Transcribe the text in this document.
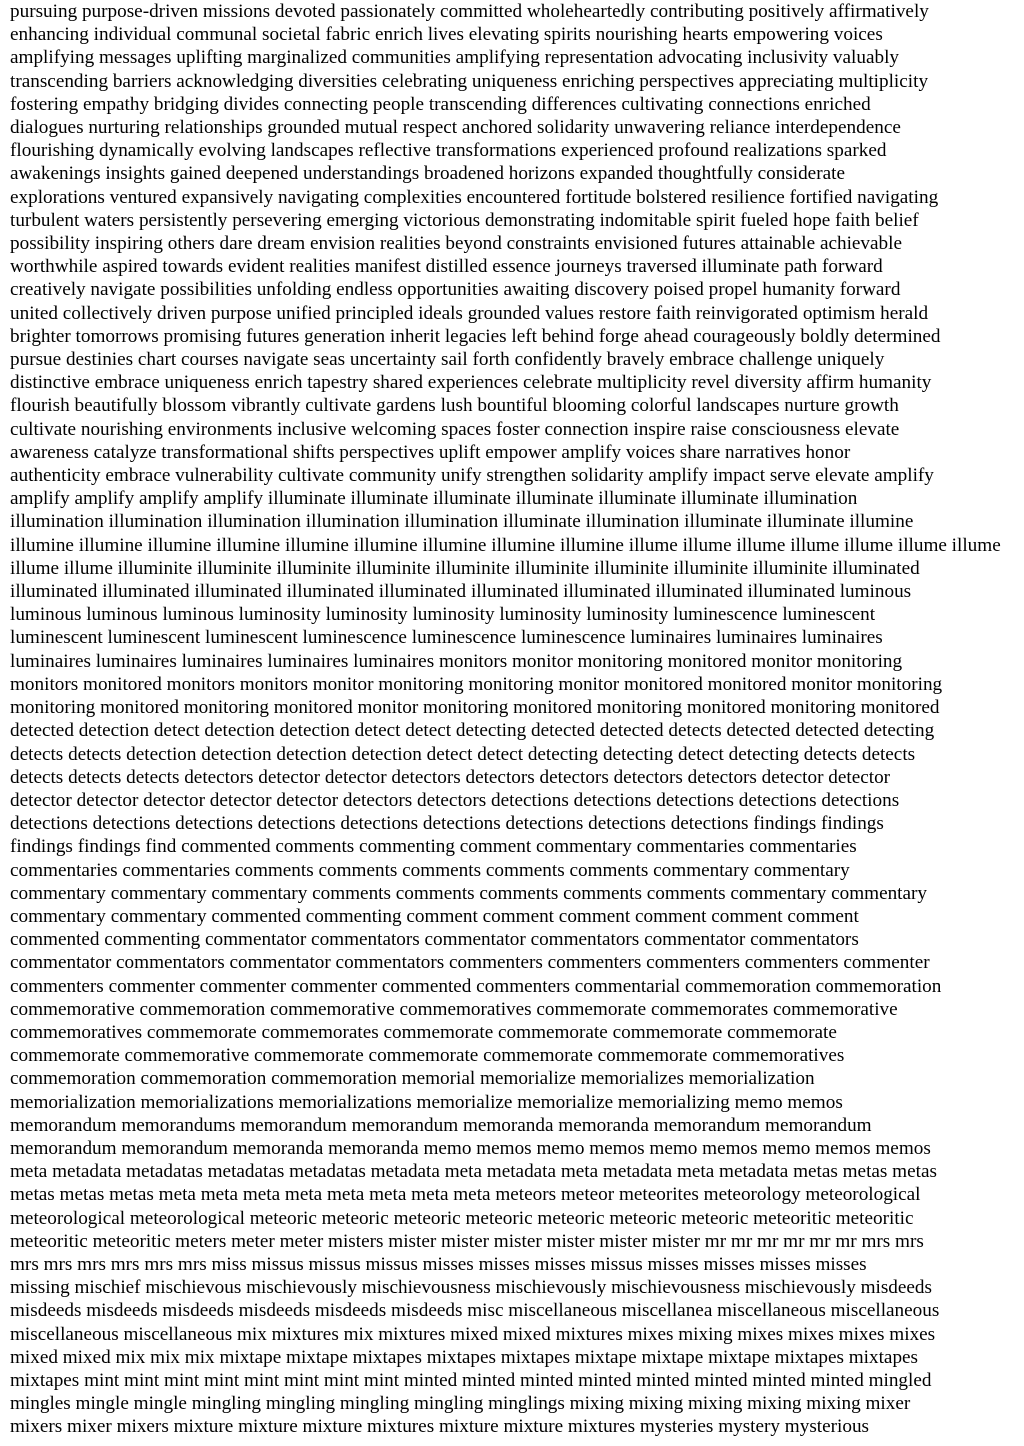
pursuing purpose-driven missions devoted passionately committed wholeheartedly contributing positively affirmatively
enhancing individual communal societal fabric enrich lives elevating spirits nourishing hearts empowering voices
amplifying messages uplifting marginalized communities amplifying representation advocating inclusivity valuably
transcending barriers acknowledging diversities celebrating uniqueness enriching perspectives appreciating multiplicity
fostering empathy bridging divides connecting people transcending differences cultivating connections enriched
dialogues nurturing relationships grounded mutual respect anchored solidarity unwavering reliance interdependence
flourishing dynamically evolving landscapes reflective transformations experienced profound realizations sparked
awakenings insights gained deepened understandings broadened horizons expanded thoughtfully considerate
explorations ventured expansively navigating complexities encountered fortitude bolstered resilience fortified navigating
turbulent waters persistently persevering emerging victorious demonstrating indomitable spirit fueled hope faith belief
possibility inspiring others dare dream envision realities beyond constraints envisioned futures attainable achievable
worthwhile aspired towards evident realities manifest distilled essence journeys traversed illuminate path forward
creatively navigate possibilities unfolding endless opportunities awaiting discovery poised propel humanity forward
united collectively driven purpose unified principled ideals grounded values restore faith reinvigorated optimism herald
brighter tomorrows promising futures generation inherit legacies left behind forge ahead courageously boldly determined
pursue destinies chart courses navigate seas uncertainty sail forth confidently bravely embrace challenge uniquely
distinctive embrace uniqueness enrich tapestry shared experiences celebrate multiplicity revel diversity affirm humanity
flourish beautifully blossom vibrantly cultivate gardens lush bountiful blooming colorful landscapes nurture growth
cultivate nourishing environments inclusive welcoming spaces foster connection inspire raise consciousness elevate
awareness catalyze transformational shifts perspectives uplift empower amplify voices share narratives honor
authenticity embrace vulnerability cultivate community unify strengthen solidarity amplify impact serve elevate amplify
amplify amplify amplify amplify illuminate illuminate illuminate illuminate illuminate illuminate illumination
illumination illumination illumination illumination illumination illuminate illumination illuminate illuminate illumine
illumine illumine illumine illumine illumine illumine illumine illumine illumine illume illume illume illume illume illume illume
illume illume illuminite illuminite illuminite illuminite illuminite illuminite illuminite illuminite illuminite illuminated
illuminated illuminated illuminated illuminated illuminated illuminated illuminated illuminated illuminated luminous
luminous luminous luminous luminosity luminosity luminosity luminosity luminosity luminescence luminescent
luminescent luminescent luminescent luminescence luminescence luminescence luminaires luminaires luminaires
luminaires luminaires luminaires luminaires luminaires monitors monitor monitoring monitored monitor monitoring
monitors monitored monitors monitors monitor monitoring monitoring monitor monitored monitored monitor monitoring
monitoring monitored monitoring monitored monitor monitoring monitored monitoring monitored monitoring monitored
detected detection detect detection detection detect detect detecting detected detected detects detected detected detecting
detects detects detection detection detection detection detect detect detecting detecting detect detecting detects detects
detects detects detects detectors detector detector detectors detectors detectors detectors detectors detector detector
detector detector detector detector detector detectors detectors detections detections detections detections detections
detections detections detections detections detections detections detections detections detections findings findings
findings findings find commented comments commenting comment commentary commentaries commentaries
commentaries commentaries comments comments comments comments comments commentary commentary
commentary commentary commentary comments comments comments comments comments commentary commentary
commentary commentary commented commenting comment comment comment comment comment comment
commented commenting commentator commentators commentator commentators commentator commentators
commentator commentators commentator commentators commenters commenters commenters commenters commenter
commenters commenter commenter commenter commented commenters commentarial commemoration commemoration
commemorative commemoration commemorative commemoratives commemorate commemorates commemorative
commemoratives commemorate commemorates commemorate commemorate commemorate commemorate
commemorate commemorative commemorate commemorate commemorate commemorate commemoratives
commemoration commemoration commemoration memorial memorialize memorializes memorialization
memorialization memorializations memorializations memorialize memorialize memorializing memo memos
memorandum memorandums memorandum memorandum memoranda memoranda memorandum memorandum
memorandum memorandum memoranda memoranda memo memos memo memos memo memos memo memos memos
meta metadata metadatas metadatas metadatas metadata meta metadata meta metadata meta metadata metas metas metas
metas metas metas meta meta meta meta meta meta meta meta meteors meteor meteorites meteorology meteorological
meteorological meteorological meteoric meteoric meteoric meteoric meteoric meteoric meteoric meteoritic meteoritic
meteoritic meteoritic meters meter meter misters mister mister mister mister mister mister mr mr mr mr mr mr mrs mrs
mrs mrs mrs mrs mrs mrs miss missus missus missus misses misses misses missus misses misses misses misses
missing mischief mischievous mischievously mischievousness mischievously mischievousness mischievously misdeeds
misdeeds misdeeds misdeeds misdeeds misdeeds misdeeds misc miscellaneous miscellanea miscellaneous miscellaneous
miscellaneous miscellaneous mix mixtures mix mixtures mixed mixed mixtures mixes mixing mixes mixes mixes mixes
mixed mixed mix mix mix mixtape mixtape mixtapes mixtapes mixtapes mixtape mixtape mixtape mixtapes mixtapes
mixtapes mint mint mint mint mint mint mint mint minted minted minted minted minted minted minted minted mingled
mingles mingle mingle mingling mingling mingling mingling minglings mixing mixing mixing mixing mixing mixer
mixers mixer mixers mixture mixture mixture mixtures mixture mixture mixtures mysteries mystery mysterious
